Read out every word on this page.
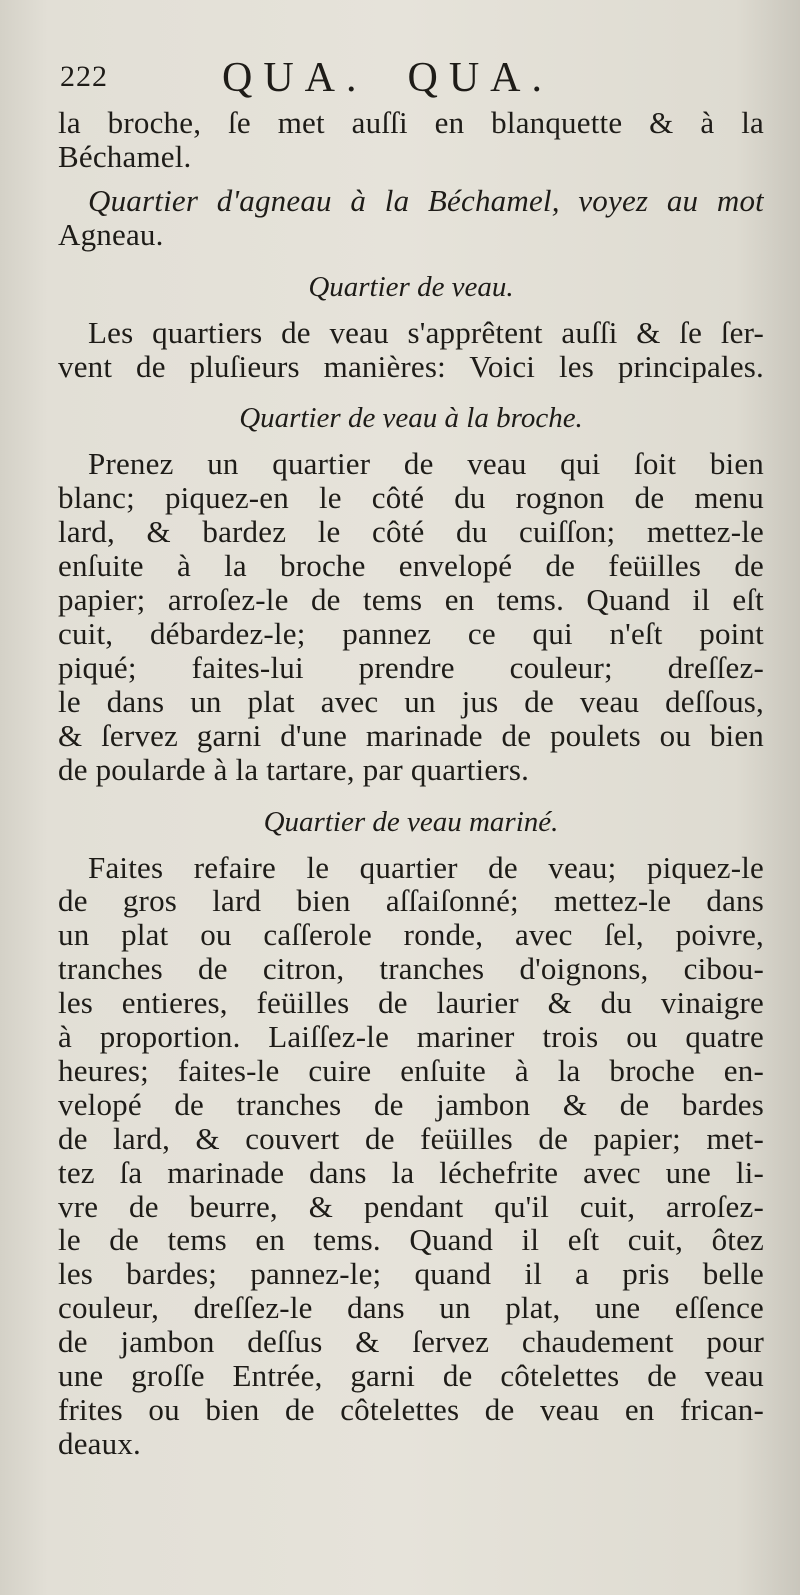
222	QUA. QUA.
la broche, ſe met auſſi en blanquette & à la
Béchamel.
Quartier d'agneau à la Béchamel, voyez au mot
Agneau.
Quartier de veau.
Les quartiers de veau s'apprêtent auſſi & ſe ſer-
vent de pluſieurs manières: Voici les principales.
Quartier de veau à la broche.
Prenez un quartier de veau qui ſoit bien
blanc; piquez-en le côté du rognon de menu
lard, & bardez le côté du cuiſſon; mettez-le
enſuite à la broche envelopé de feüilles de
papier; arroſez-le de tems en tems. Quand il eſt
cuit, débardez-le; pannez ce qui n'eſt point
piqué; faites-lui prendre couleur; dreſſez-
le dans un plat avec un jus de veau deſſous,
& ſervez garni d'une marinade de poulets ou bien
de poularde à la tartare, par quartiers.
Quartier de veau mariné.
Faites refaire le quartier de veau; piquez-le
de gros lard bien aſſaiſonné; mettez-le dans
un plat ou caſſerole ronde, avec ſel, poivre,
tranches de citron, tranches d'oignons, cibou-
les entieres, feüilles de laurier & du vinaigre
à proportion. Laiſſez-le mariner trois ou quatre
heures; faites-le cuire enſuite à la broche en-
velopé de tranches de jambon & de bardes
de lard, & couvert de feüilles de papier; met-
tez ſa marinade dans la léchefrite avec une li-
vre de beurre, & pendant qu'il cuit, arroſez-
le de tems en tems. Quand il eſt cuit, ôtez
les bardes; pannez-le; quand il a pris belle
couleur, dreſſez-le dans un plat, une eſſence
de jambon deſſus & ſervez chaudement pour
une groſſe Entrée, garni de côtelettes de veau
frites ou bien de côtelettes de veau en frican-
deaux.
